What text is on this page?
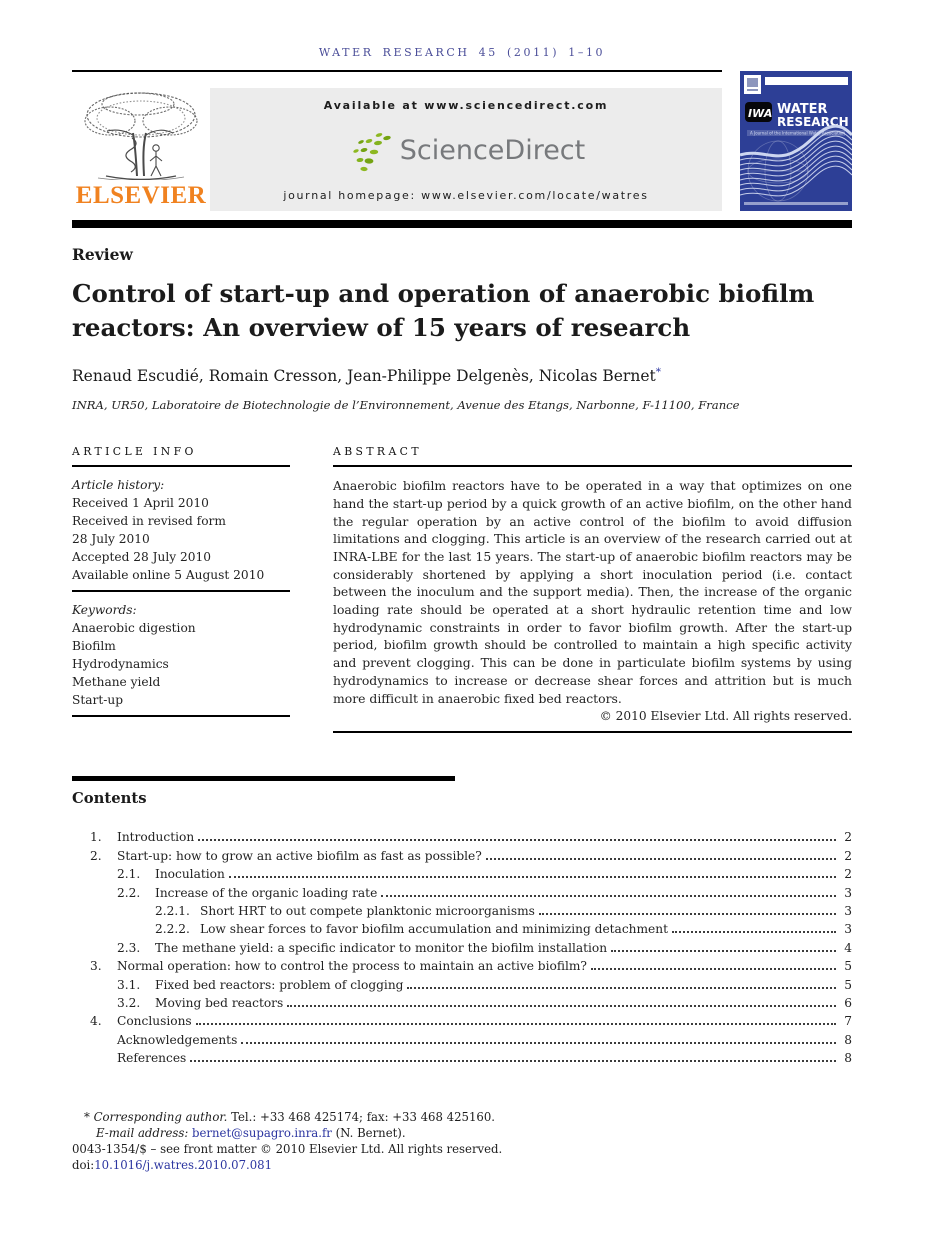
WATER RESEARCH 45 (2011) 1–10
ELSEVIER
Available at www.sciencedirect.com
ScienceDirect
journal homepage: www.elsevier.com/locate/watres
IWA WATER
RESEARCH
A Journal of the International Water Association
Review
Control of start-up and operation of anaerobic biofilm reactors: An overview of 15 years of research
Renaud Escudié, Romain Cresson, Jean-Philippe Delgenès, Nicolas Bernet*
INRA, UR50, Laboratoire de Biotechnologie de l’Environnement, Avenue des Etangs, Narbonne, F-11100, France
ARTICLE INFO
Article history:
Received 1 April 2010
Received in revised form
28 July 2010
Accepted 28 July 2010
Available online 5 August 2010
Keywords:
Anaerobic digestion
Biofilm
Hydrodynamics
Methane yield
Start-up
ABSTRACT

Anaerobic biofilm reactors have to be operated in a way that optimizes on one hand the start-up period by a quick growth of an active biofilm, on the other hand the regular operation by an active control of the biofilm to avoid diffusion limitations and clogging. This article is an overview of the research carried out at INRA-LBE for the last 15 years. The start-up of anaerobic biofilm reactors may be considerably shortened by applying a short inoculation period (i.e. contact between the inoculum and the support media). Then, the increase of the organic loading rate should be operated at a short hydraulic retention time and low hydrodynamic constraints in order to favor biofilm growth. After the start-up period, biofilm growth should be controlled to maintain a high specific activity and prevent clogging. This can be done in particulate biofilm systems by using hydrodynamics to increase or decrease shear forces and attrition but is much more difficult in anaerobic fixed bed reactors.

© 2010 Elsevier Ltd. All rights reserved.
Contents
1.	Introduction	2
2.	Start-up: how to grow an active biofilm as fast as possible?	2
2.1.	Inoculation	2
2.2.	Increase of the organic loading rate	3
2.2.1. Short HRT to out compete planktonic microorganisms	3
2.2.2. Low shear forces to favor biofilm accumulation and minimizing detachment	3
2.3.	The methane yield: a specific indicator to monitor the biofilm installation	4
3.	Normal operation: how to control the process to maintain an active biofilm?	5
3.1.	Fixed bed reactors: problem of clogging	5
3.2.	Moving bed reactors	6
4.	Conclusions	7
Acknowledgements	8
References	8
* Corresponding author. Tel.: +33 468 425174; fax: +33 468 425160.
E-mail address: bernet@supagro.inra.fr (N. Bernet).
0043-1354/$ – see front matter © 2010 Elsevier Ltd. All rights reserved.
doi:10.1016/j.watres.2010.07.081
